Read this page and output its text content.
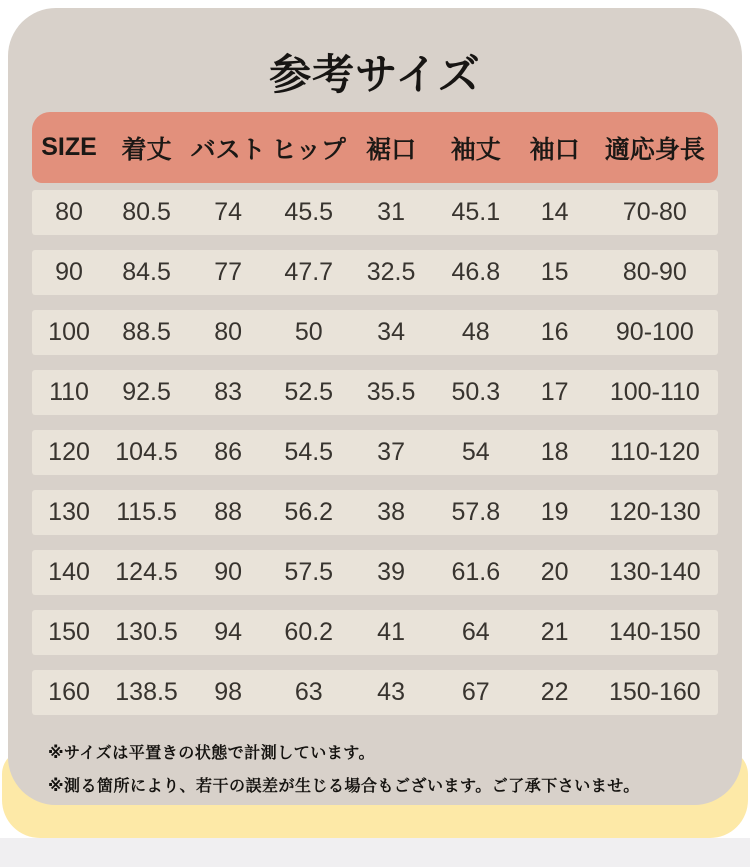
参考サイズ
SIZE 着丈 バスト ヒップ 裾口	袖丈	袖口	適応身長
80	80.5	74	45.5	31	45.1	14	70-80
90	84.5	77	47.7	32.5	46.8	15	80-90
100	88.5	80	50	34	48	16	90-100
110	92.5	83	52.5	35.5	50.3	17	100-110
120	104.5	86	54.5	37	54	18	110-120
130	115.5	88	56.2	38	57.8	19	120-130
140	124.5	90	57.5	39	61.6	20	130-140
150	130.5	94	60.2	41	64	21	140-150
160	138.5	98	63	43	67	22	150-160
※サイズは平置きの状態で計測しています。
※測る箇所により、若干の誤差が生じる場合もございます。ご了承下さいませ。
